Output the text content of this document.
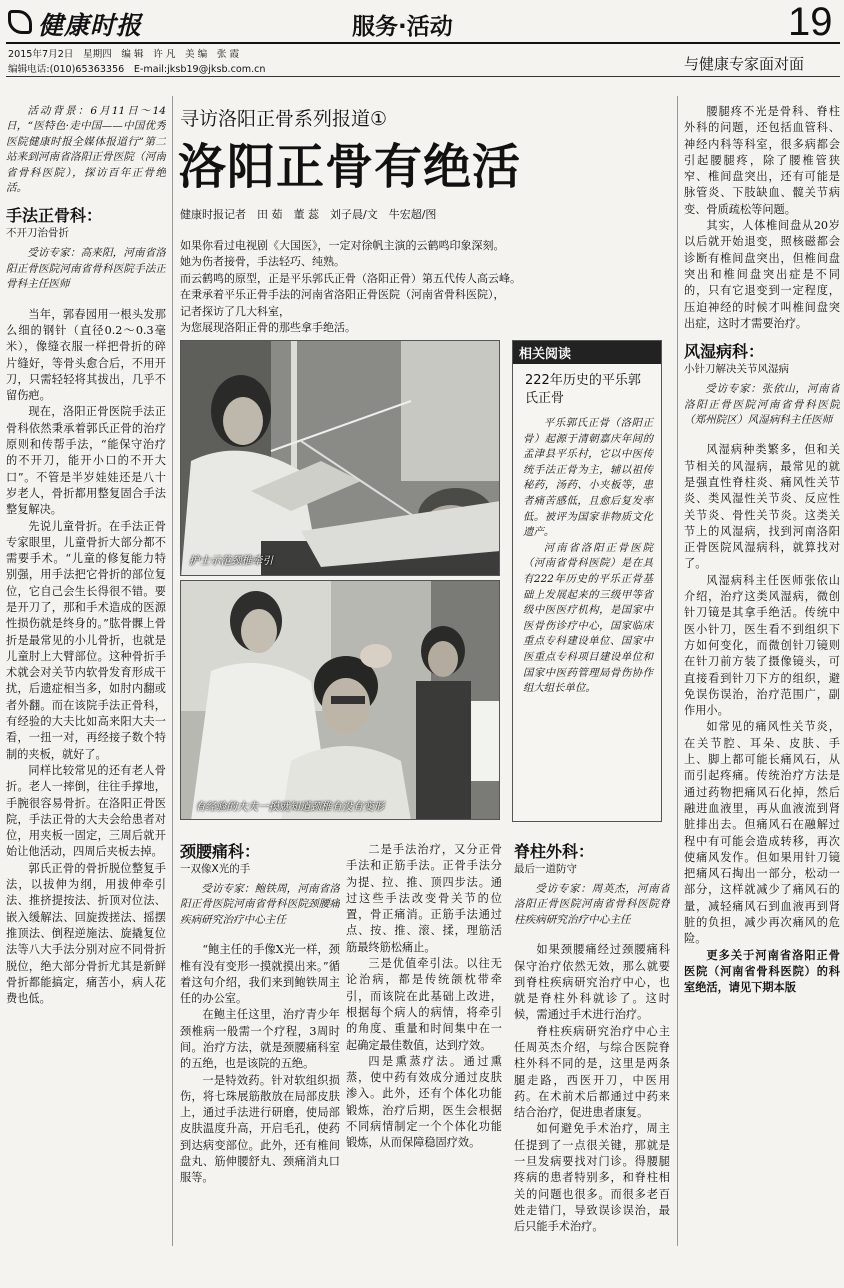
健康时报	服务·活动	19
2015年7月2日　星期四　编 辑　许 凡　美 编　张 霞
编辑电话:(010)65363356　E-mail:jksb19@jksb.com.cn	与健康专家面对面

活动背景：6月11日～14日，“医特色·走中国——中国优秀医院健康时报全媒体报道行”第二站来到河南省洛阳正骨医院（河南省骨科医院），探访百年正骨绝活。

手法正骨科：
不开刀治骨折

受访专家：高来阳，河南省洛阳正骨医院河南省骨科医院手法正骨科主任医师

当年，郭春园用一根头发那么细的钢针（直径0.2～0.3毫米），像缝衣服一样把骨折的碎片缝好，等骨头愈合后，不用开刀，只需轻轻将其拔出，几乎不留伤疤。

现在，洛阳正骨医院手法正骨科依然秉承着郭氏正骨的治疗原则和传帮手法，“能保守治疗的不开刀，能开小口的不开大口”。不管是半岁娃娃还是八十岁老人，骨折都用整复固合手法整复解决。

先说儿童骨折。在手法正骨专家眼里，儿童骨折大部分都不需要手术。“儿童的修复能力特别强，用手法把它骨折的部位复位，它自己会生长得很不错。要是开刀了，那和手术造成的医源性损伤就是终身的。”肱骨髁上骨折是最常见的小儿骨折，也就是儿童肘上大臂部位。这种骨折手术就会对关节内软骨发育形成干扰，后遗症相当多，如肘内翻或者外翻。而在该院手法正骨科，有经验的大夫比如高来阳大夫一看，一扭一对，再经接子数个特制的夹板，就好了。

同样比较常见的还有老人骨折。老人一摔倒，往往手撑地，手腕很容易骨折。在洛阳正骨医院，手法正骨的大夫会给患者对位，用夹板一固定，三周后就开始让他活动，四周后夹板去掉。

郭氏正骨的骨折脱位整复手法，以拔伸为纲，用拔伸牵引法、推挤提按法、折顶对位法、嵌入缓解法、回旋拨搓法、摇摆推顶法、倒程逆施法、旋撬复位法等八大手法分别对应不同骨折脱位，绝大部分骨折尤其是新鲜骨折都能搞定，痛苦小，病人花费也低。

寻访洛阳正骨系列报道①
洛阳正骨有绝活
健康时报记者　田 茹　董 蕊　刘子晨/文　牛宏超/图
如果你看过电视剧《大国医》，一定对徐帆主演的云鹤鸣印象深刻。
她为伤者接骨，手法轻巧、纯熟。
而云鹤鸣的原型，正是平乐郭氏正骨（洛阳正骨）第五代传人高云峰。
在秉承着平乐正骨手法的河南省洛阳正骨医院（河南省骨科医院），
记者探访了几大科室，
为您展现洛阳正骨的那些拿手绝活。
护士示范颈椎牵引
有经验的大夫一摸就知道颈椎有没有变形
相关阅读
222年历史的平乐郭氏正骨

平乐郭氏正骨（洛阳正骨）起源于清朝嘉庆年间的孟津县平乐村，它以中医传统手法正骨为主，辅以祖传秘药，汤药、小夹板等，患者痛苦感低，且愈后复发率低。被评为国家非物质文化遗产。

河南省洛阳正骨医院（河南省骨科医院）是在具有222年历史的平乐正骨基础上发展起来的三级甲等省级中医医疗机构，是国家中医骨伤诊疗中心，国家临床重点专科建设单位、国家中医重点专科项目建设单位和国家中医药管理局骨伤协作组大组长单位。

颈腰痛科：
一双像X光的手

受访专家：鲍铁周，河南省洛阳正骨医院河南省骨科医院颈腰痛疾病研究治疗中心主任

“鲍主任的手像X光一样，颈椎有没有变形一摸就摸出来。”循着这句介绍，我们来到鲍铁周主任的办公室。

在鲍主任这里，治疗青少年颈椎病一般需一个疗程，3周时间。治疗方法，就是颈腰痛科室的五绝，也是该院的五绝。

一是特效药。针对软组织损伤，将七珠展筋散放在局部皮肤上，通过手法进行研磨，使局部皮肤温度升高，开启毛孔，使药到达病变部位。此外，还有椎间盘丸、筋伸腰舒丸、颈痛消丸口服等。

二是手法治疗，又分正骨手法和正筋手法。正骨手法分为提、拉、推、顶四步法。通过这些手法改变骨关节的位置，骨正痛消。正筋手法通过点、按、推、滚、揉，理筋活筋最终筋松痛止。

三是优值牵引法。以往无论治病，都是传统颌枕带牵引，而该院在此基础上改进，根据每个病人的病情，将牵引的角度、重量和时间集中在一起确定最佳数值，达到疗效。

四是熏蒸疗法。通过熏蒸，使中药有效成分通过皮肤渗入。此外，还有个体化功能锻炼，治疗后期，医生会根据不同病情制定一个个体化功能锻炼，从而保障稳固疗效。

脊柱外科：
最后一道防守

受访专家：周英杰，河南省洛阳正骨医院河南省骨科医院脊柱疾病研究治疗中心主任

如果颈腰痛经过颈腰痛科保守治疗依然无效，那么就要到脊柱疾病研究治疗中心，也就是脊柱外科就诊了。这时候，需通过手术进行治疗。

脊柱疾病研究治疗中心主任周英杰介绍，与综合医院脊柱外科不同的是，这里是两条腿走路，西医开刀，中医用药。在术前术后都通过中药来结合治疗，促进患者康复。

如何避免手术治疗，周主任提到了一点很关键，那就是一旦发病要找对门诊。得腰腿疼病的患者特别多，和脊柱相关的问题也很多。而很多老百姓走错门，导致误诊误治，最后只能手术治疗。

腰腿疼不光是骨科、脊柱外科的问题，还包括血管科、神经内科等科室，很多病都会引起腰腿疼，除了腰椎管狭窄、椎间盘突出，还有可能是脉管炎、下肢缺血、髋关节病变、骨质疏松等问题。

其实，人体椎间盘从20岁以后就开始退变，照核磁都会诊断有椎间盘突出，但椎间盘突出和椎间盘突出症是不同的，只有它退变到一定程度，压迫神经的时候才叫椎间盘突出症，这时才需要治疗。

风湿病科：
小针刀解决关节风湿病

受访专家：张依山，河南省洛阳正骨医院河南省骨科医院（郑州院区）风湿病科主任医师

风湿病种类繁多，但和关节相关的风湿病，最常见的就是强直性脊柱炎、痛风性关节炎、类风湿性关节炎、反应性关节炎、骨性关节炎。这类关节上的风湿病，找到河南洛阳正骨医院风湿病科，就算找对了。

风湿病科主任医师张依山介绍，治疗这类风湿病，微创针刀镜是其拿手绝活。传统中医小针刀，医生看不到组织下方如何变化，而微创针刀镜则在针刀前方装了摄像镜头，可直接看到针刀下方的组织，避免误伤误治，治疗范围广，副作用小。

如常见的痛风性关节炎，在关节腔、耳朵、皮肤、手上、脚上都可能长痛风石，从而引起疼痛。传统治疗方法是通过药物把痛风石化掉，然后融进血液里，再从血液流到肾脏排出去。但痛风石在融解过程中有可能会造成转移，再次使痛风发作。但如果用针刀镜把痛风石掏出一部分，松动一部分，这样就减少了痛风石的量，减轻痛风石到血液再到肾脏的负担，减少再次痛风的危险。

更多关于河南省洛阳正骨医院（河南省骨科医院）的科室绝活，请见下期本版
